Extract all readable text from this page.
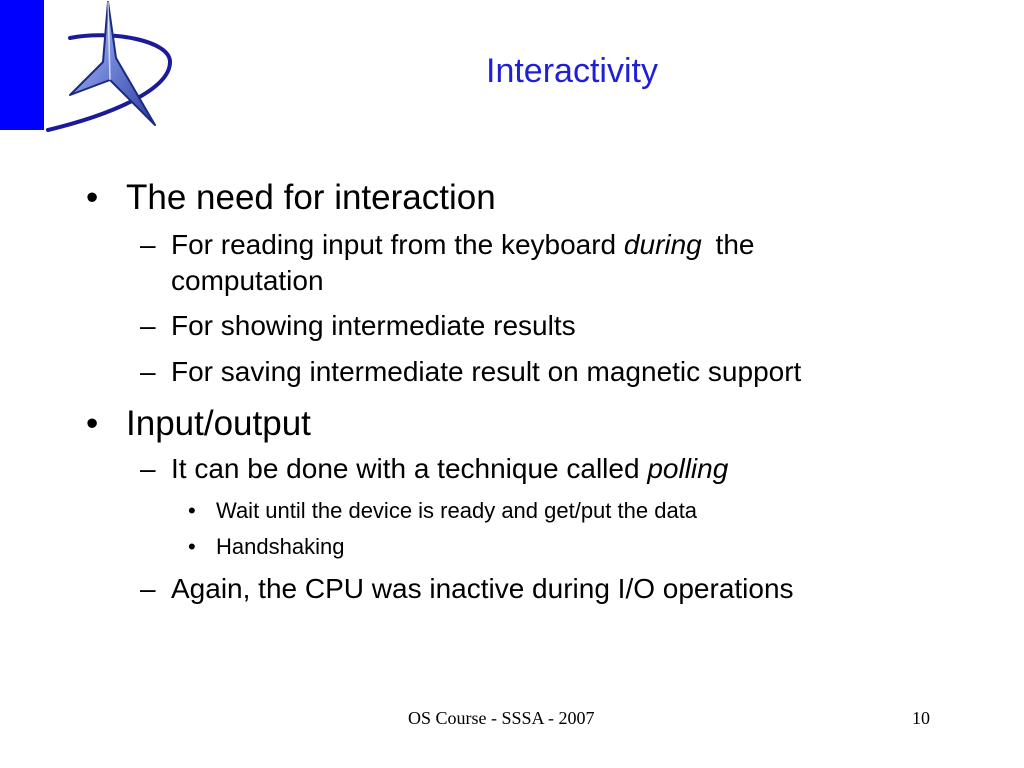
Interactivity
• The need for interaction
– For reading input from the keyboard during the
computation
– For showing intermediate results
– For saving intermediate result on magnetic support
• Input/output
– It can be done with a technique called polling
• Wait until the device is ready and get/put the data
• Handshaking
– Again, the CPU was inactive during I/O operations
OS Course - SSSA - 2007	10
